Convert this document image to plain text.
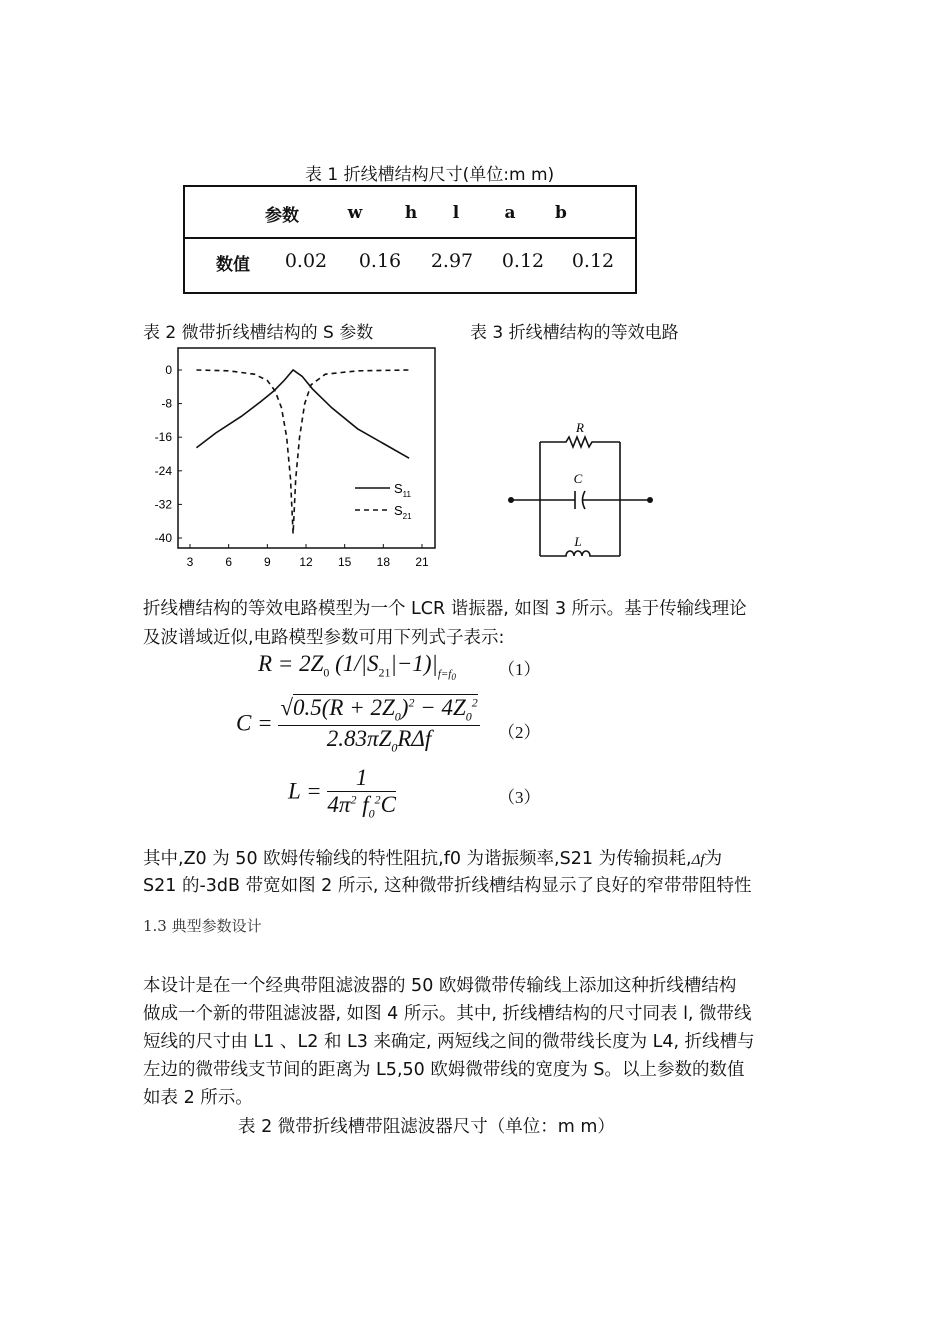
表 1 折线槽结构尺寸(单位:m m)
参数	w h l	a b
数值 0.02 0.16 2.97 0.12 0.12
表 2 微带折线槽结构的 S 参数	表 3 折线槽结构的等效电路
3	6	9 12 15 18 21
0
-8
-16
-24
-32
-40
$S_{11}$
$S_{21}$
R
C
L
折线槽结构的等效电路模型为一个 LCR 谐振器, 如图 3 所示。基于传输线理论
及波谱域近似,电路模型参数可用下列式子表示:
$R = 2Z_0$ $(1/|S_{21}|-1)|_{f=f_0}$ （1）
$C = \frac{√0.5(R + 2Z_0)^2 - 4Z_0^2}{2.83\pi Z_0R\Delta f} (2)$
$L = \frac{1}{4\pi^2 f_0^2C}$	（3）
其中,Z0 为 50 欧姆传输线的特性阻抗,f0 为谐振频率,S21 为传输损耗,Δf为
S21 的-3dB 带宽如图 2 所示, 这种微带折线槽结构显示了良好的窄带带阻特性
1.3 典型参数设计
本设计是在一个经典带阻滤波器的 50 欧姆微带传输线上添加这种折线槽结构
做成一个新的带阻滤波器, 如图 4 所示。其中, 折线槽结构的尺寸同表 l, 微带线
短线的尺寸由 L1 、L2 和 L3 来确定, 两短线之间的微带线长度为 L4, 折线槽与
左边的微带线支节间的距离为 L5,50 欧姆微带线的宽度为 S。以上参数的数值
如表 2 所示。
表 2 微带折线槽带阻滤波器尺寸（单位：m m）
